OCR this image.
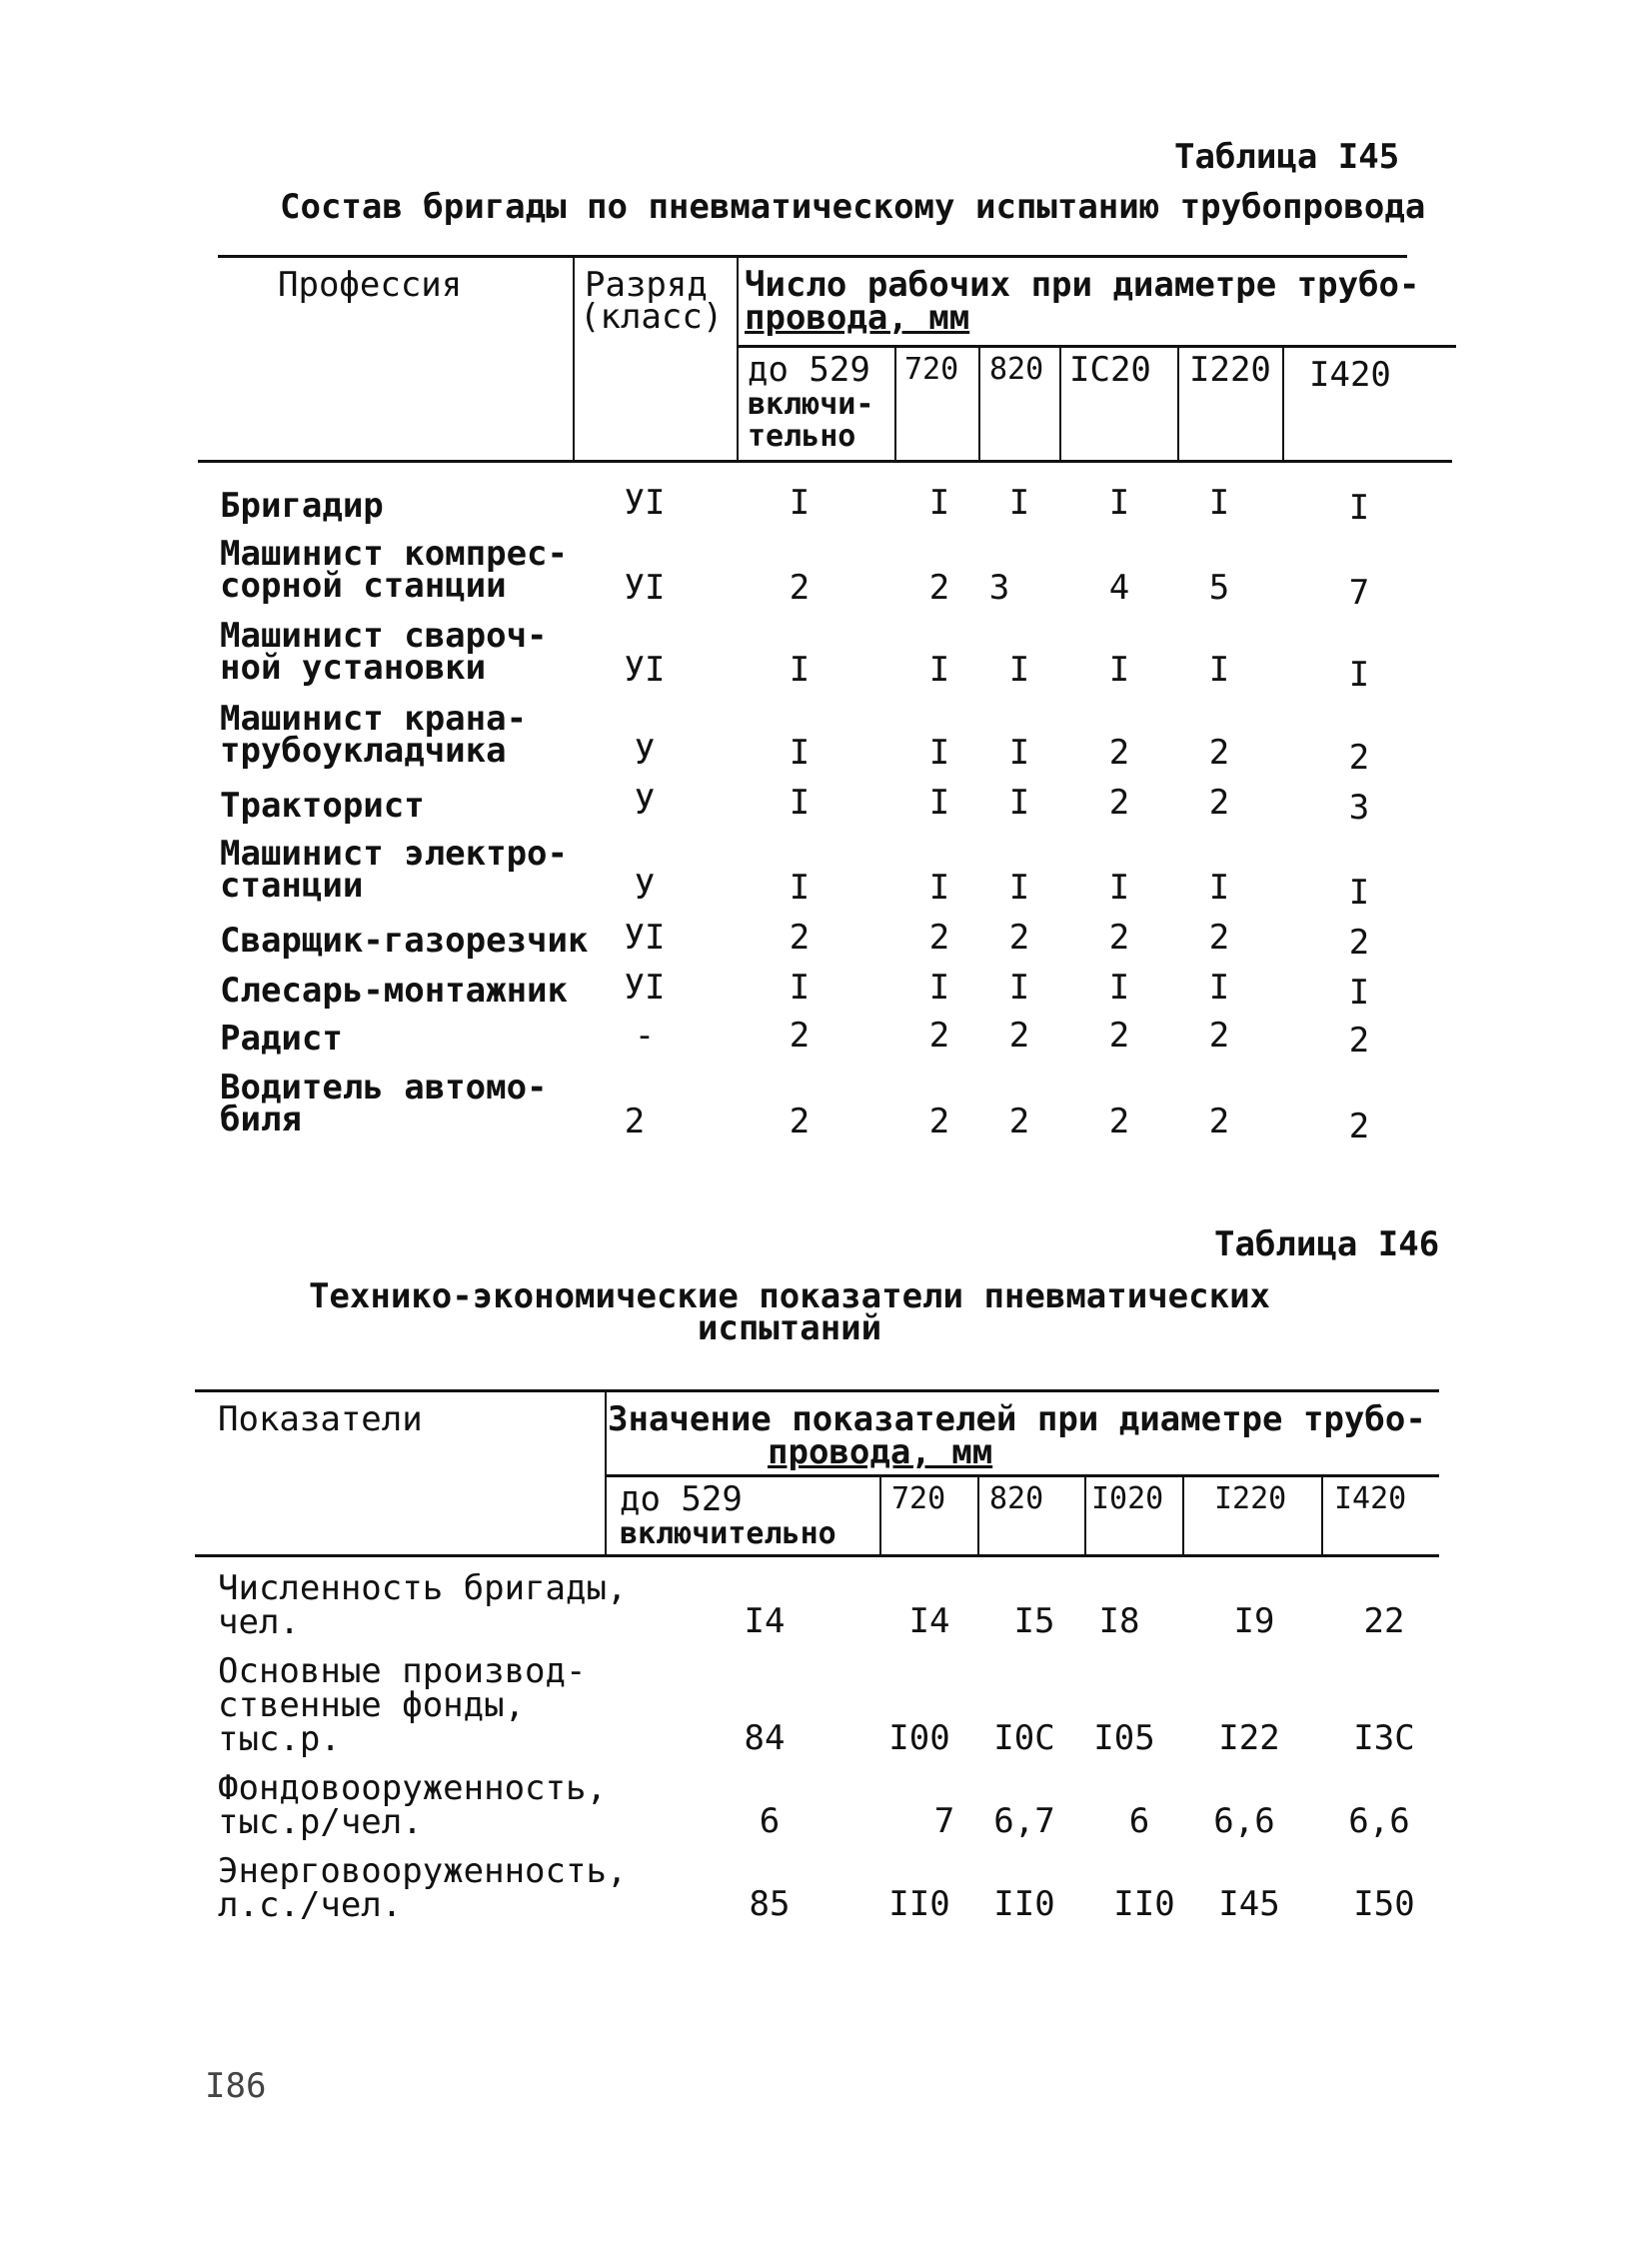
Таблица I45
Состав бригады по пневматическому испытанию трубопровода
Профессия	Разряд
(класс)
Число рабочих при диаметре трубо-
провода, мм
до 529
включи-
тельно
720 820 IC20 I220 I420
Бригадир	УI	I	I	I	I	I	I
Машинист компрес-
сорной станции	УI	2	2	3	4	5	7
Машинист свароч-
ной установки	УI	I	I	I	I	I	I
Машинист крана-
трубоукладчика	У	I	I	I	2	2	2
Тракторист	У	I	I	I	2	2	3
Машинист электро-
станции	У	I	I	I	I	I	I
Сварщик-газорезчик	УI	2	2	2	2	2	2
Слесарь-монтажник	УI	I	I	I	I	I	I
Радист	-	2	2	2	2	2	2
Водитель автомо-
биля	2	2	2	2	2	2	2
Таблица I46
Технико-экономические показатели пневматических
испытаний
Показатели	Значение показателей при диаметре трубо-
провода, мм
до 529
включительно
720 820 I020 I220 I420
Численность бригады,
чел.	I4	I4	I5	I8	I9	22
Основные производ-
ственные фонды,
тыс.р.	84	I00 I0C I05 I22 I3C
Фондовооруженность,
тыс.р/чел.	6	7	6,7	6	6,6 6,6
Энерговооруженность,
л.с./чел.	85	II0 II0 II0 I45 I50
I86
